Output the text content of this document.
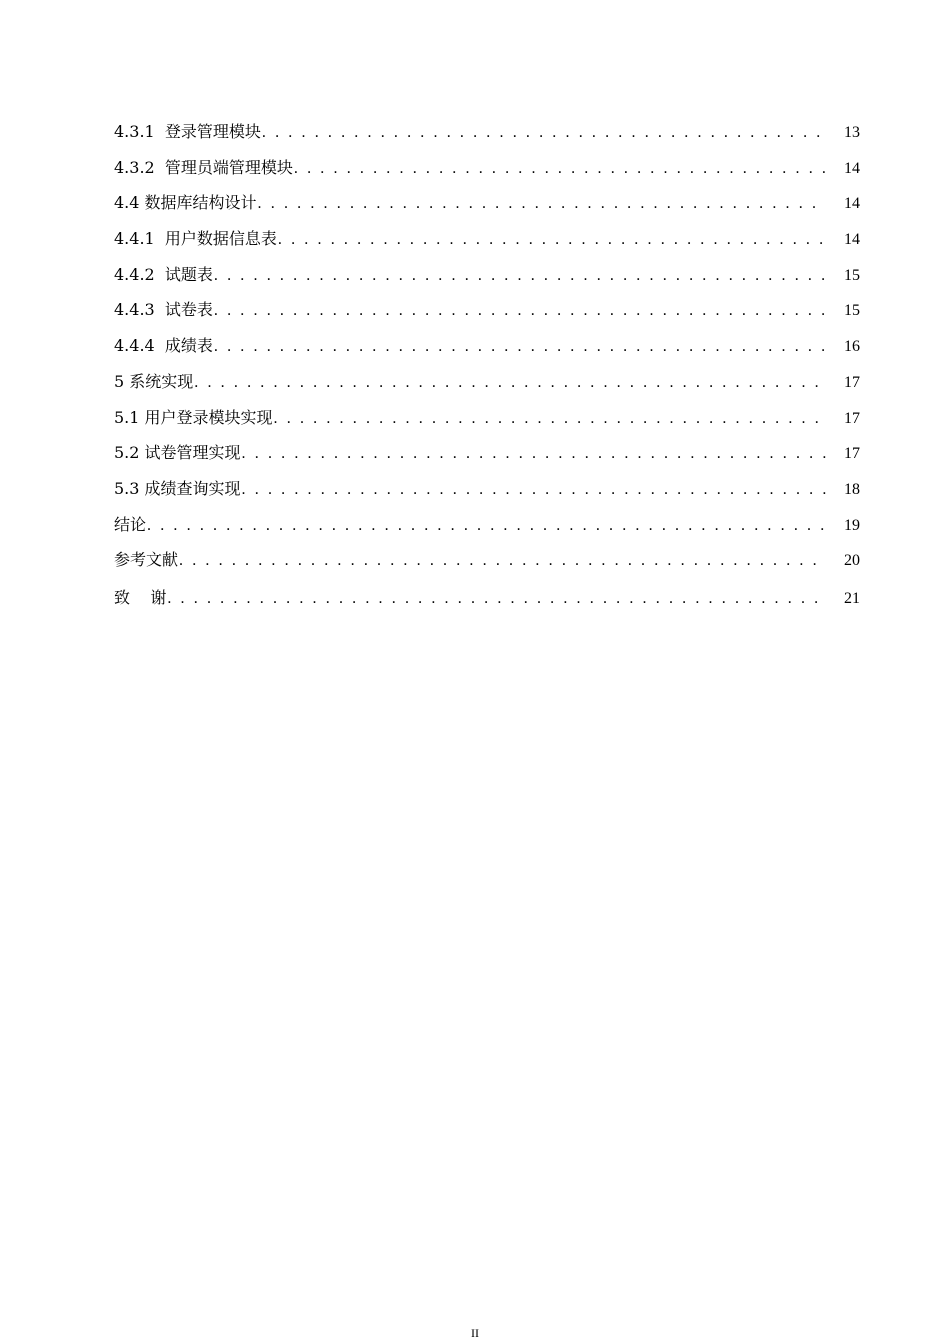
4.3.1  登录管理模块 . . .	13
4.3.2  管理员端管理模块 . . .	14
4.4 数据库结构设计 . . .	14
4.4.1  用户数据信息表 . . .	14
4.4.2  试题表 . . .	15
4.4.3  试卷表 . . .	15
4.4.4  成绩表 . . .	16
5 系统实现 . . .	17
5.1 用户登录模块实现 . . .	17
5.2 试卷管理实现 . . .	17
5.3 成绩查询实现 . . .	18
结论 . . .	19
参考文献 . . .	20
致    谢 . . .	21
II
